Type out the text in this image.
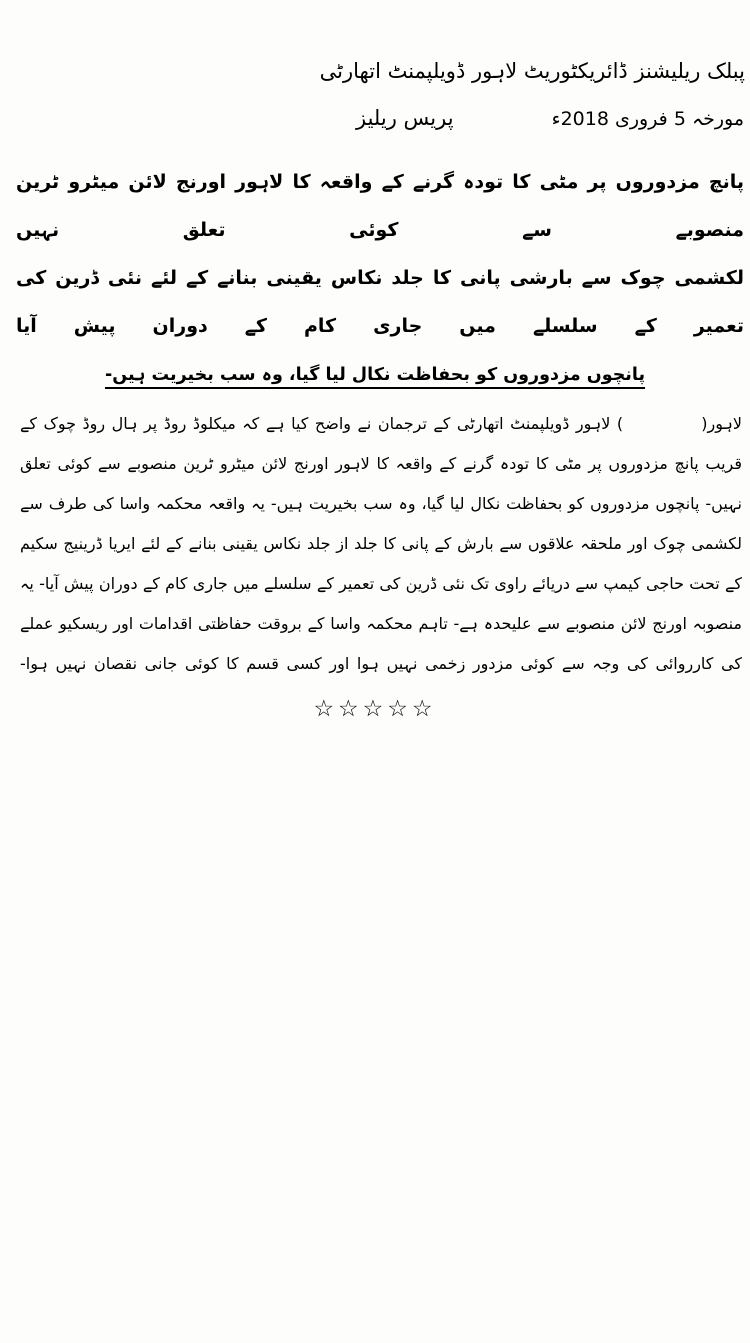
پبلک ریلیشنز ڈائریکٹوریٹ لاہور ڈویلپمنٹ اتھارٹی
پریس ریلیز	مورخہ 5 فروری 2018ء
پانچ مزدوروں پر مٹی کا تودہ گرنے کے واقعہ کا لاہور اورنج لائن میٹرو ٹرین منصوبے سے کوئی تعلق نہیں
لکشمی چوک سے بارشی پانی کا جلد نکاس یقینی بنانے کے لئے نئی ڈرین کی تعمیر کے سلسلے میں جاری کام کے دوران پیش آیا
پانچوں مزدوروں کو بحفاظت نکال لیا گیا، وہ سب بخیریت ہیں-

لاہور(            ) لاہور ڈویلپمنٹ اتھارٹی کے ترجمان نے واضح کیا ہے کہ میکلوڈ روڈ پر ہال روڈ چوک کے قریب پانچ مزدوروں پر مٹی کا تودہ گرنے کے واقعہ کا لاہور اورنج لائن میٹرو ٹرین منصوبے سے کوئی تعلق نہیں- پانچوں مزدوروں کو بحفاظت نکال لیا گیا، وہ سب بخیریت ہیں- یہ واقعہ محکمہ واسا کی طرف سے لکشمی چوک اور ملحقہ علاقوں سے بارش کے پانی کا جلد از جلد نکاس یقینی بنانے کے لئے ایریا ڈرینیج سکیم کے تحت حاجی کیمپ سے دریائے راوی تک نئی ڈرین کی تعمیر کے سلسلے میں جاری کام کے دوران پیش آیا- یہ منصوبہ اورنج لائن منصوبے سے علیحدہ ہے- تاہم محکمہ واسا کے بروقت حفاظتی اقدامات اور ریسکیو عملے کی کارروائی کی وجہ سے کوئی مزدور زخمی نہیں ہوا اور کسی قسم کا کوئی جانی نقصان نہیں ہوا-

☆☆☆☆☆
